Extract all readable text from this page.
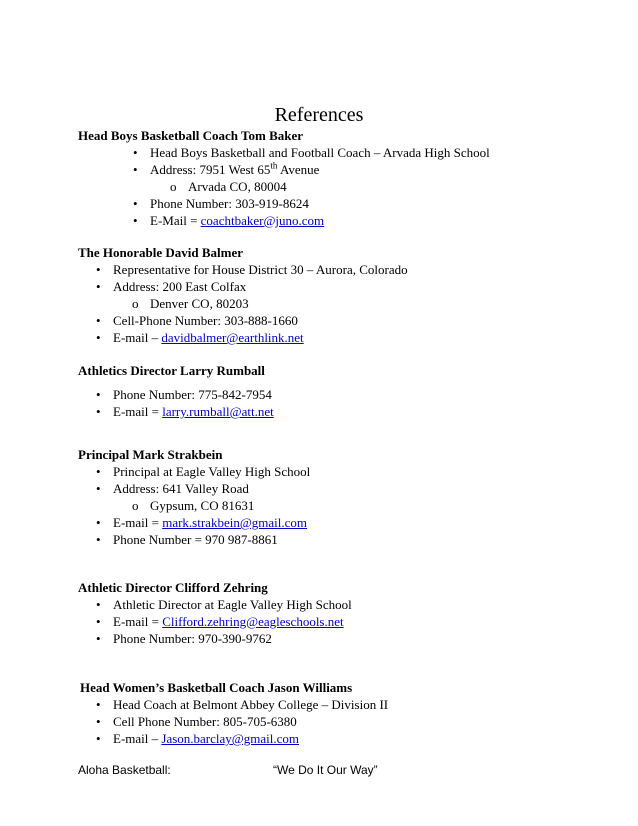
References
Head Boys Basketball Coach Tom Baker
• Head Boys Basketball and Football Coach – Arvada High School
• Address: 7951 West 65th Avenue
o Arvada CO, 80004
• Phone Number: 303-919-8624
• E-Mail = coachtbaker@juno.com
The Honorable David Balmer
• Representative for House District 30 – Aurora, Colorado
• Address: 200 East Colfax
o Denver CO, 80203
• Cell-Phone Number: 303-888-1660
• E-mail – davidbalmer@earthlink.net
Athletics Director Larry Rumball
• Phone Number: 775-842-7954
• E-mail = larry.rumball@att.net
Principal Mark Strakbein
• Principal at Eagle Valley High School
• Address: 641 Valley Road
o Gypsum, CO 81631
• E-mail = mark.strakbein@gmail.com
• Phone Number = 970 987-8861
Athletic Director Clifford Zehring
• Athletic Director at Eagle Valley High School
• E-mail = Clifford.zehring@eagleschools.net
• Phone Number: 970-390-9762
Head Women’s Basketball Coach Jason Williams
• Head Coach at Belmont Abbey College – Division II
• Cell Phone Number: 805-705-6380
• E-mail – Jason.barclay@gmail.com
Aloha Basketball:	“We Do It Our Way”
